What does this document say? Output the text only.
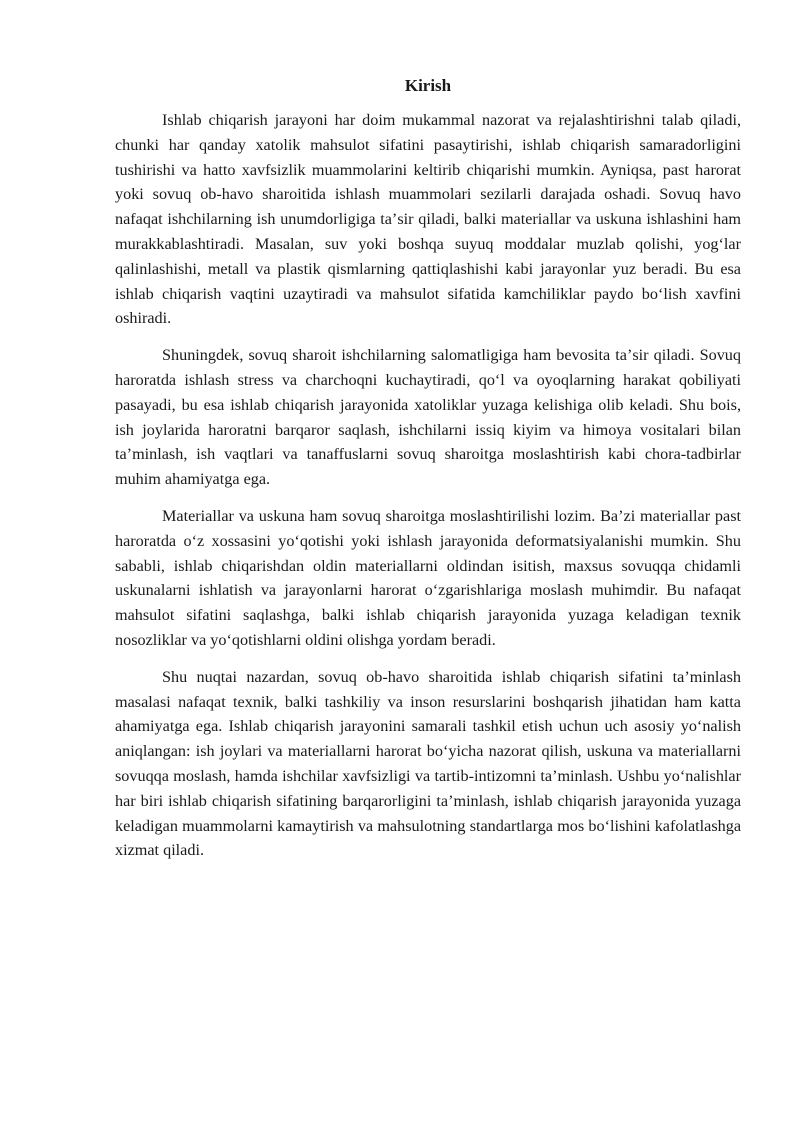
Kirish

Ishlab chiqarish jarayoni har doim mukammal nazorat va rejalashtirishni talab qiladi, chunki har qanday xatolik mahsulot sifatini pasaytirishi, ishlab chiqarish samaradorligini tushirishi va hatto xavfsizlik muammolarini keltirib chiqarishi mumkin. Ayniqsa, past harorat yoki sovuq ob-havo sharoitida ishlash muammolari sezilarli darajada oshadi. Sovuq havo nafaqat ishchilarning ish unumdorligiga taʼsir qiladi, balki materiallar va uskuna ishlashini ham murakkablashtiradi. Masalan, suv yoki boshqa suyuq moddalar muzlab qolishi, yogʻlar qalinlashishi, metall va plastik qismlarning qattiqlashishi kabi jarayonlar yuz beradi. Bu esa ishlab chiqarish vaqtini uzaytiradi va mahsulot sifatida kamchiliklar paydo boʻlish xavfini oshiradi.

Shuningdek, sovuq sharoit ishchilarning salomatligiga ham bevosita taʼsir qiladi. Sovuq haroratda ishlash stress va charchoqni kuchaytiradi, qoʻl va oyoqlarning harakat qobiliyati pasayadi, bu esa ishlab chiqarish jarayonida xatoliklar yuzaga kelishiga olib keladi. Shu bois, ish joylarida haroratni barqaror saqlash, ishchilarni issiq kiyim va himoya vositalari bilan taʼminlash, ish vaqtlari va tanaffuslarni sovuq sharoitga moslashtirish kabi chora-tadbirlar muhim ahamiyatga ega.

Materiallar va uskuna ham sovuq sharoitga moslashtirilishi lozim. Baʼzi materiallar past haroratda oʻz xossasini yoʻqotishi yoki ishlash jarayonida deformatsiyalanishi mumkin. Shu sababli, ishlab chiqarishdan oldin materiallarni oldindan isitish, maxsus sovuqqa chidamli uskunalarni ishlatish va jarayonlarni harorat oʻzgarishlariga moslash muhimdir. Bu nafaqat mahsulot sifatini saqlashga, balki ishlab chiqarish jarayonida yuzaga keladigan texnik nosozliklar va yoʻqotishlarni oldini olishga yordam beradi.

Shu nuqtai nazardan, sovuq ob-havo sharoitida ishlab chiqarish sifatini taʼminlash masalasi nafaqat texnik, balki tashkiliy va inson resurslarini boshqarish jihatidan ham katta ahamiyatga ega. Ishlab chiqarish jarayonini samarali tashkil etish uchun uch asosiy yoʻnalish aniqlangan: ish joylari va materiallarni harorat boʻyicha nazorat qilish, uskuna va materiallarni sovuqqa moslash, hamda ishchilar xavfsizligi va tartib-intizomni taʼminlash. Ushbu yoʻnalishlar har biri ishlab chiqarish sifatining barqarorligini taʼminlash, ishlab chiqarish jarayonida yuzaga keladigan muammolarni kamaytirish va mahsulotning standartlarga mos boʻlishini kafolatlashga xizmat qiladi.
